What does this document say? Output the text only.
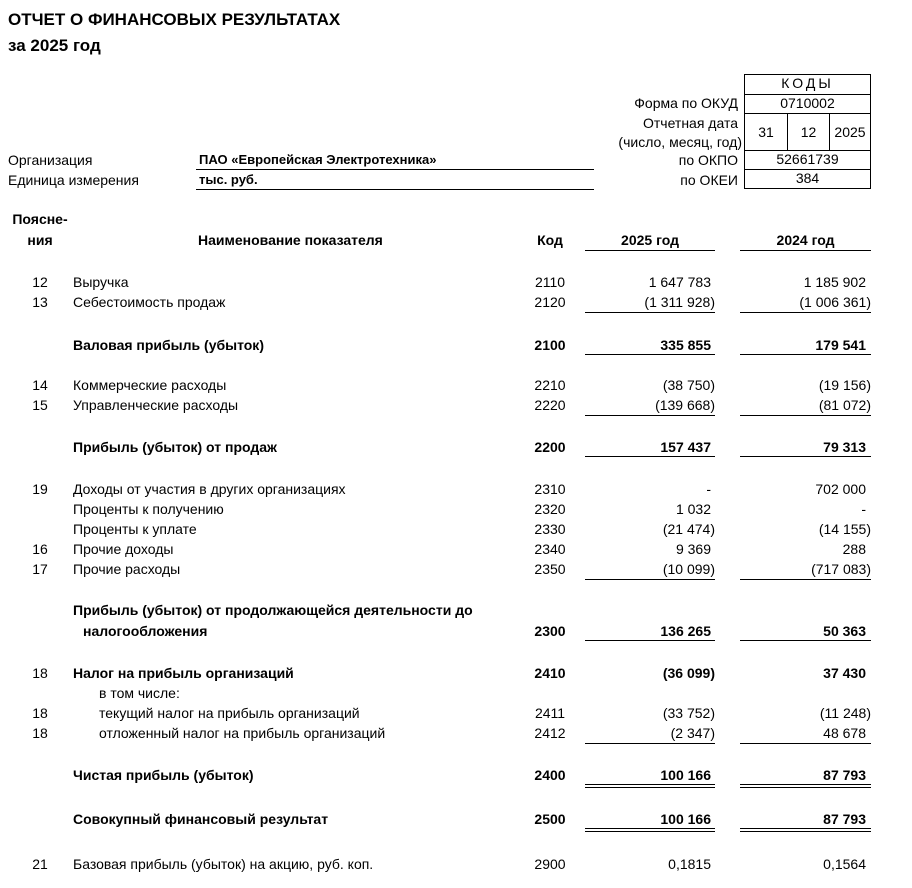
ОТЧЕТ О ФИНАНСОВЫХ РЕЗУЛЬТАТАХ
за 2025 год
КОДЫ
Форма по ОКУД	0710002
Отчетная дата
(число, месяц, год)
31	12	2025
по ОКПО	52661739
по ОКЕИ	384
Организация	ПАО «Европейская Электротехника»
Единица измерения	тыс. руб.
Поясне-
ния	Наименование показателя	Код	2025 год	2024 год
12	Выручка	2110	1 647 783	1 185 902
13	Себестоимость продаж	2120	(1 311 928)	(1 006 361)
Валовая прибыль (убыток)	2100	335 855	179 541
14	Коммерческие расходы	2210	(38 750)	(19 156)
15	Управленческие расходы	2220	(139 668)	(81 072)
Прибыль (убыток) от продаж	2200	157 437	79 313
19	Доходы от участия в других организациях	2310	-	702 000
Проценты к получению	2320	1 032	-
Проценты к уплате	2330	(21 474)	(14 155)
16	Прочие доходы	2340	9 369	288
17	Прочие расходы	2350	(10 099)	(717 083)
Прибыль (убыток) от продолжающейся деятельности до
налогообложения	2300	136 265	50 363
18	Налог на прибыль организаций	2410	(36 099)	37 430
в том числе:
18	текущий налог на прибыль организаций	2411	(33 752)	(11 248)
18	отложенный налог на прибыль организаций	2412	(2 347)	48 678
Чистая прибыль (убыток)	2400	100 166	87 793
Совокупный финансовый результат	2500	100 166	87 793
21	Базовая прибыль (убыток) на акцию, руб. коп.	2900	0,1815	0,1564
